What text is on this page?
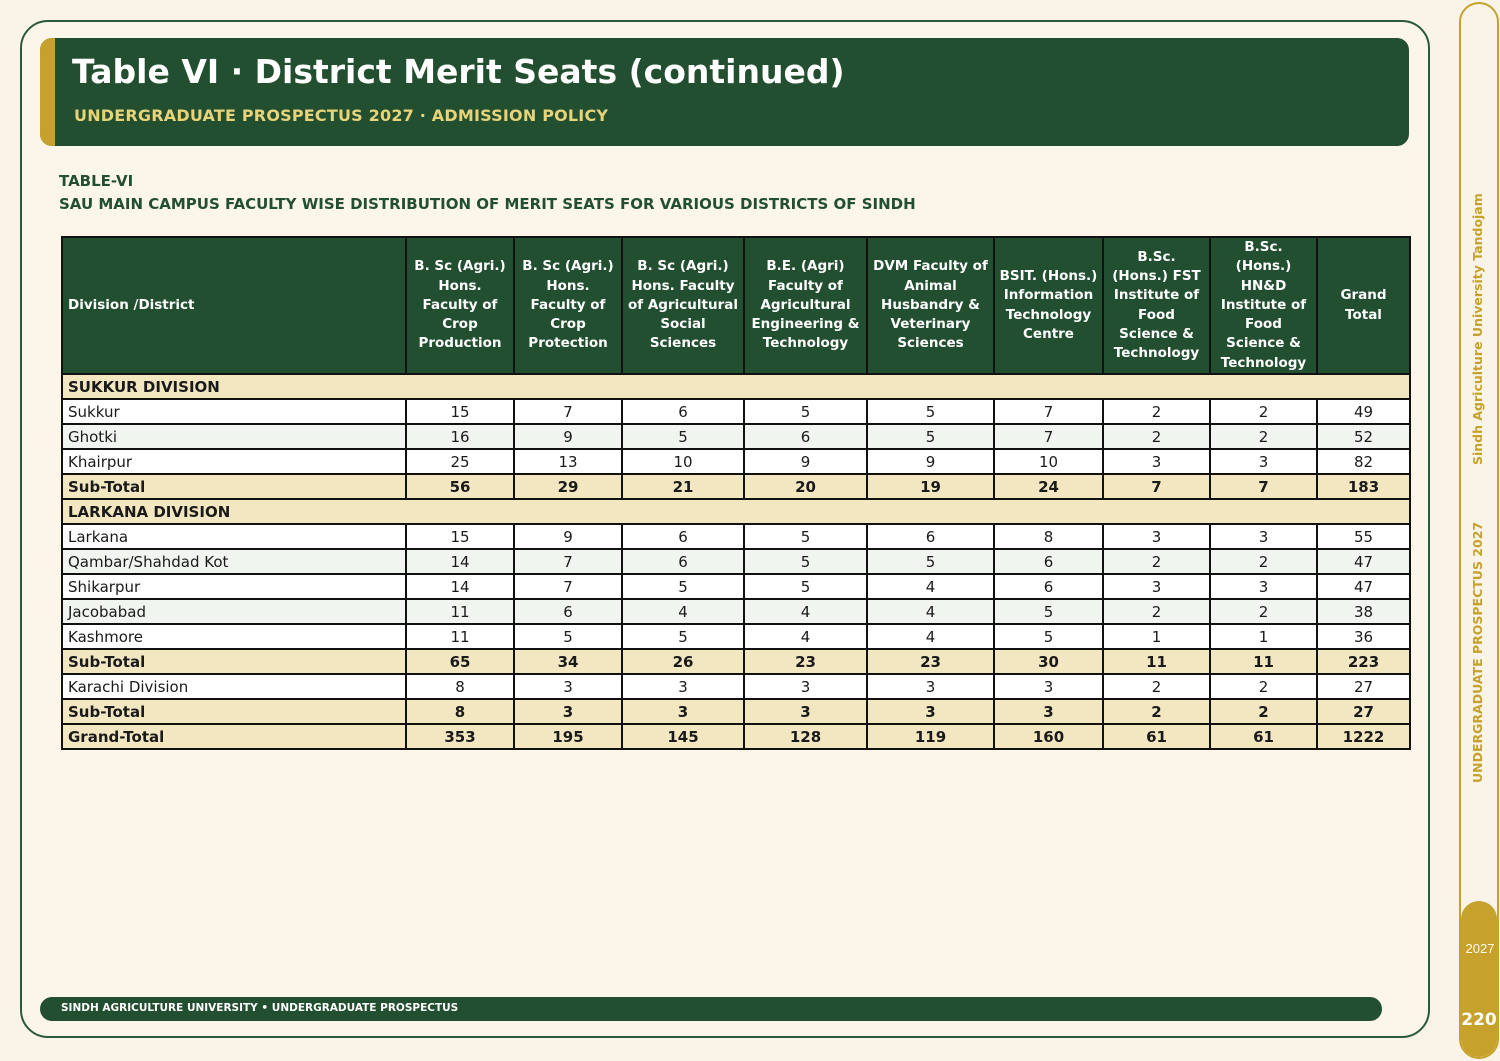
Table VI · District Merit Seats (continued)
UNDERGRADUATE PROSPECTUS 2027 · ADMISSION POLICY
TABLE-VI
SAU MAIN CAMPUS FACULTY WISE DISTRIBUTION OF MERIT SEATS FOR VARIOUS DISTRICTS OF SINDH
Division /District	B. Sc (Agri.) Hons. Faculty of Crop Production	B. Sc (Agri.) Hons. Faculty of Crop Protection	B. Sc (Agri.) Hons. Faculty of Agricultural Social Sciences	B.E. (Agri) Faculty of Agricultural Engineering & Technology	DVM Faculty of Animal Husbandry & Veterinary Sciences	BSIT. (Hons.) Information Technology Centre	B.Sc. (Hons.) FST Institute of Food Science & Technology	B.Sc. (Hons.) HN&D Institute of Food Science & Technology	Grand Total
SUKKUR DIVISION									
Sukkur	15	7	6	5	5	7	2	2	49
Ghotki	16	9	5	6	5	7	2	2	52
Khairpur	25	13	10	9	9	10	3	3	82
Sub-Total	56	29	21	20	19	24	7	7	183
LARKANA DIVISION									
Larkana	15	9	6	5	6	8	3	3	55
Qambar/Shahdad Kot	14	7	6	5	5	6	2	2	47
Shikarpur	14	7	5	5	4	6	3	3	47
Jacobabad	11	6	4	4	4	5	2	2	38
Kashmore	11	5	5	4	4	5	1	1	36
Sub-Total	65	34	26	23	23	30	11	11	223
Karachi Division	8	3	3	3	3	3	2	2	27
Sub-Total	8	3	3	3	3	3	2	2	27
Grand-Total	353	195	145	128	119	160	61	61	1222
SINDH AGRICULTURE UNIVERSITY • UNDERGRADUATE PROSPECTUS
Sindh Agriculture University Tandojam
UNDERGRADUATE PROSPECTUS 2027
2027
220
